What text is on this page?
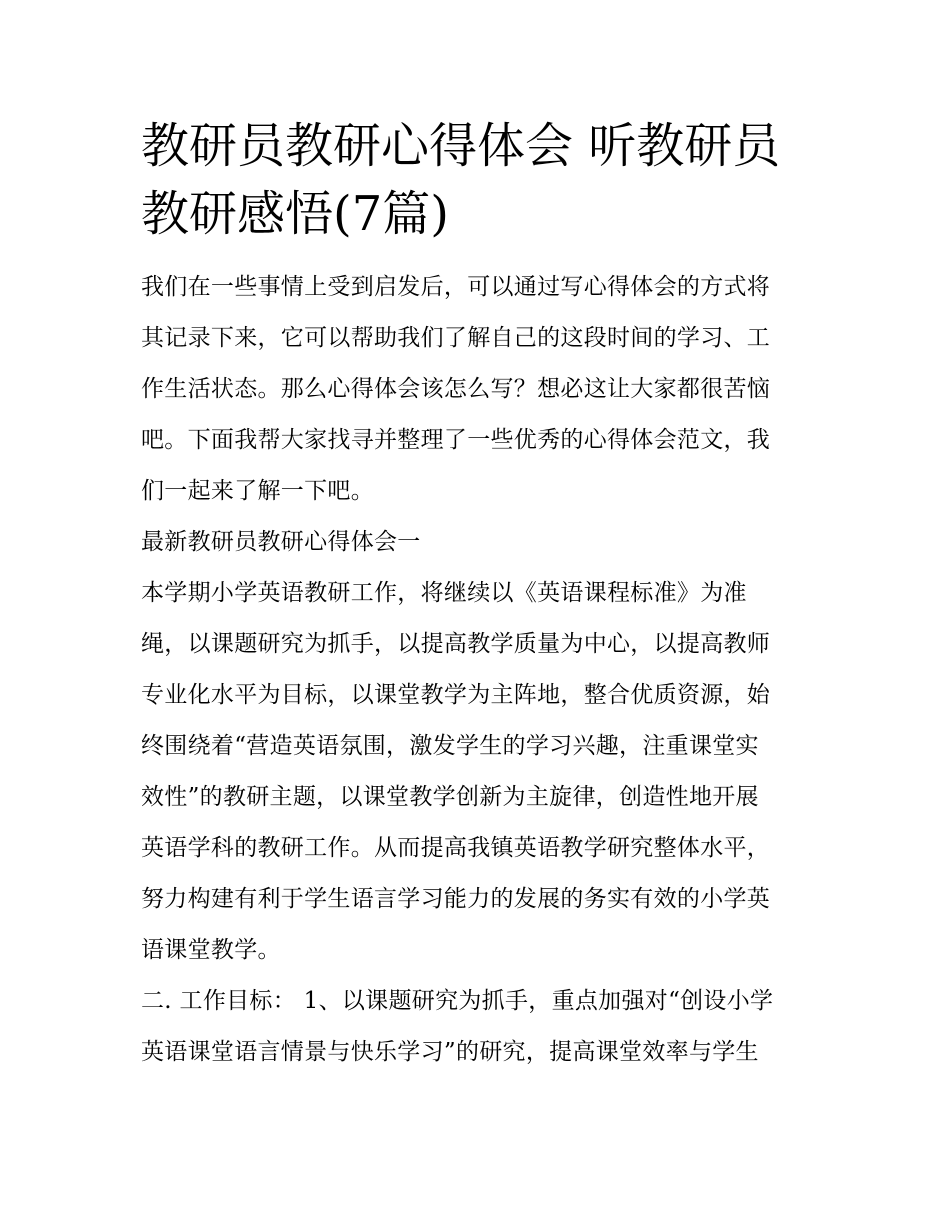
教研员教研心得体会 听教研员
教研感悟(7篇)

我们在一些事情上受到启发后，可以通过写心得体会的方式将

其记录下来，它可以帮助我们了解自己的这段时间的学习、工

作生活状态。那么心得体会该怎么写？想必这让大家都很苦恼

吧。下面我帮大家找寻并整理了一些优秀的心得体会范文，我

们一起来了解一下吧。

最新教研员教研心得体会一

本学期小学英语教研工作，将继续以《英语课程标准》为准

绳，以课题研究为抓手，以提高教学质量为中心，以提高教师

专业化水平为目标，以课堂教学为主阵地，整合优质资源，始

终围绕着“营造英语氛围，激发学生的学习兴趣，注重课堂实

效性”的教研主题，以课堂教学创新为主旋律，创造性地开展

英语学科的教研工作。从而提高我镇英语教学研究整体水平，

努力构建有利于学生语言学习能力的发展的务实有效的小学英

语课堂教学。

二. 工作目标： 1、以课题研究为抓手，重点加强对“创设小学

英语课堂语言情景与快乐学习”的研究，提高课堂效率与学生
